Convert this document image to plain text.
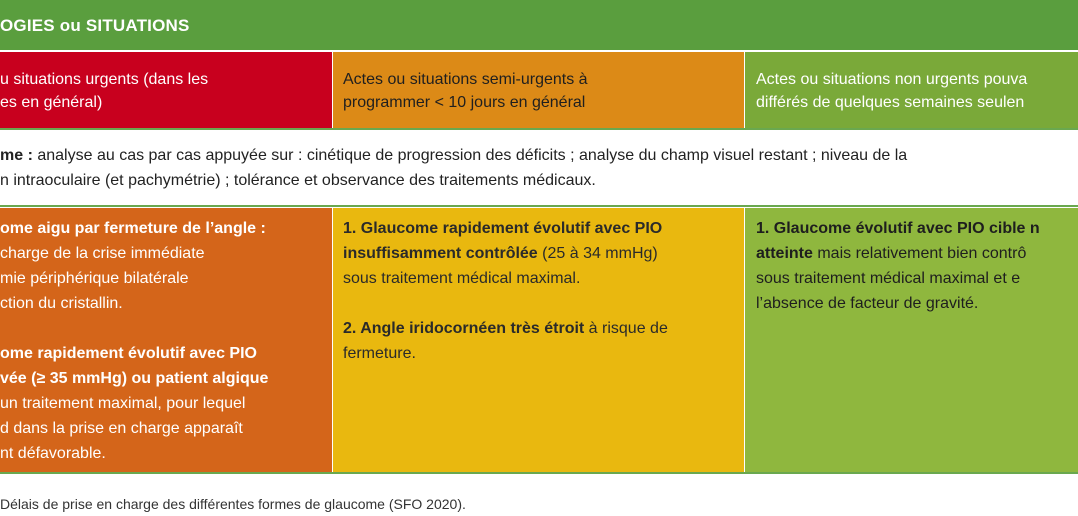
OGIES ou SITUATIONS
u situations urgents (dans les
es en général)
Actes ou situations semi-urgents à
programmer < 10 jours en général
Actes ou situations non urgents pouva
différés de quelques semaines seulen
me : analyse au cas par cas appuyée sur : cinétique de progression des déficits ; analyse du champ visuel restant ; niveau de la
n intraoculaire (et pachymétrie) ; tolérance et observance des traitements médicaux.
ome aigu par fermeture de l’angle :
charge de la crise immédiate
mie périphérique bilatérale
ction du cristallin.
ome rapidement évolutif avec PIO
vée (≥ 35 mmHg) ou patient algique
un traitement maximal, pour lequel
d dans la prise en charge apparaît
nt défavorable.
1. Glaucome rapidement évolutif avec PIO
insuffisamment contrôlée (25 à 34 mmHg)
sous traitement médical maximal.
2. Angle iridocornéen très étroit à risque de
fermeture.
1. Glaucome évolutif avec PIO cible n
atteinte mais relativement bien contrô
sous traitement médical maximal et e
l’absence de facteur de gravité.
Délais de prise en charge des différentes formes de glaucome (SFO 2020).
